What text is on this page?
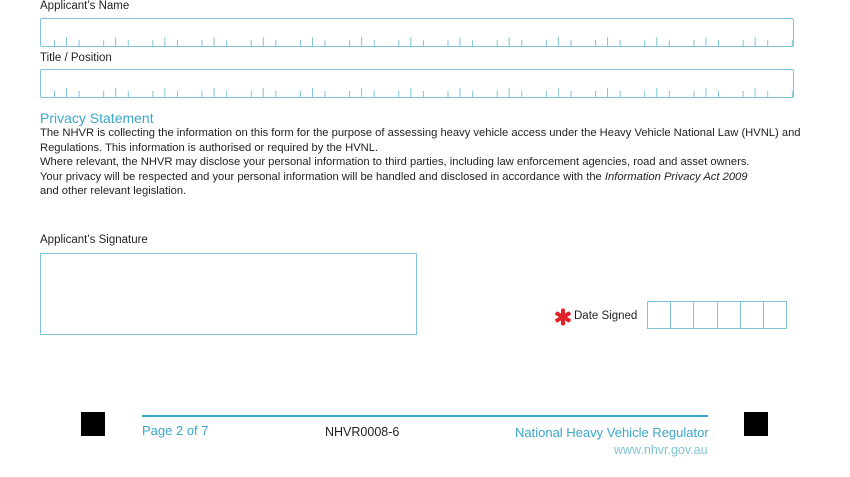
Applicant’s Name
Title / Position
Privacy Statement

The NHVR is collecting the information on this form for the purpose of assessing heavy vehicle access under the Heavy Vehicle National Law (HVNL) and Regulations. This information is authorised or required by the HVNL.

Where relevant, the NHVR may disclose your personal information to third parties, including law enforcement agencies, road and asset owners.

Your privacy will be respected and your personal information will be handled and disclosed in accordance with the Information Privacy Act 2009
and other relevant legislation.

Applicant’s Signature
Date Signed
Page 2 of 7	NHVR0008-6	National Heavy Vehicle Regulator
www.nhvr.gov.au
